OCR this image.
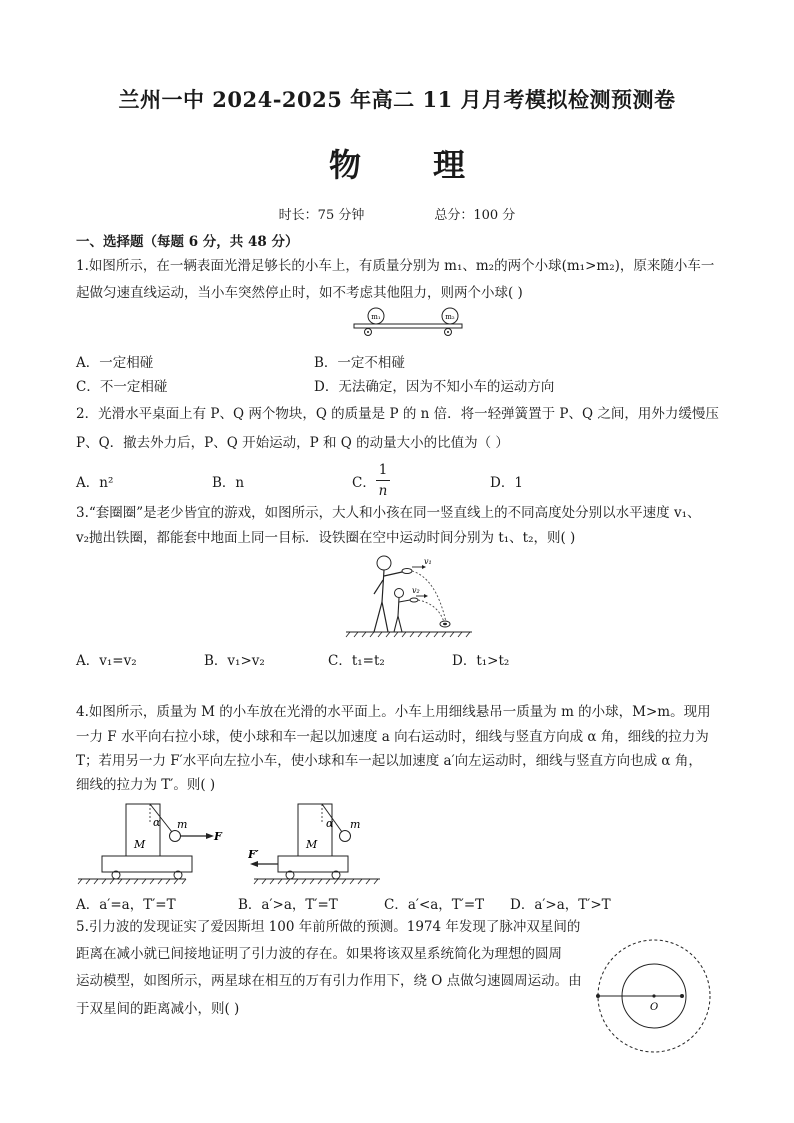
兰州一中 2024-2025 年高二 11 月月考模拟检测预测卷
物 理
时长：75 分钟	总分：100 分
一、选择题（每题 6 分，共 48 分）
1.如图所示，在一辆表面光滑足够长的小车上，有质量分别为 m₁、m₂的两个小球(m₁>m₂)，原来随小车一
起做匀速直线运动，当小车突然停止时，如不考虑其他阻力，则两个小球( )
m₁	m₂
A．一定相碰	B．一定不相碰
C．不一定相碰	D．无法确定，因为不知小车的运动方向
2．光滑水平桌面上有 P、Q 两个物块，Q 的质量是 P 的 n 倍．将一轻弹簧置于 P、Q 之间，用外力缓慢压
P、Q．撤去外力后，P、Q 开始运动，P 和 Q 的动量大小的比值为（ ）
A．n²	B．n	C．
1
n	D．1
3.“套圈圈”是老少皆宜的游戏，如图所示，大人和小孩在同一竖直线上的不同高度处分别以水平速度 v₁、
v₂抛出铁圈，都能套中地面上同一目标．设铁圈在空中运动时间分别为 t₁、t₂，则( )
v₁
v₂
A．v₁=v₂	B．v₁>v₂	C．t₁=t₂	D．t₁>t₂
4.如图所示，质量为 M 的小车放在光滑的水平面上。小车上用细线悬吊一质量为 m 的小球，M>m。现用
一力 F 水平向右拉小球，使小球和车一起以加速度 a 向右运动时，细线与竖直方向成 α 角，细线的拉力为
T；若用另一力 F′水平向左拉小车，使小球和车一起以加速度 a′向左运动时，细线与竖直方向也成 α 角，
细线的拉力为 T′。则( )
α m
F
M
α m
M
F′
A．a′=a，T′=T	B．a′>a，T′=T	C．a′<a，T′=T D．a′>a，T′>T
5.引力波的发现证实了爱因斯坦 100 年前所做的预测。1974 年发现了脉冲双星间的
距离在减小就已间接地证明了引力波的存在。如果将该双星系统简化为理想的圆周
运动模型，如图所示，两星球在相互的万有引力作用下，绕 O 点做匀速圆周运动。由
于双星间的距离减小，则( )	O
